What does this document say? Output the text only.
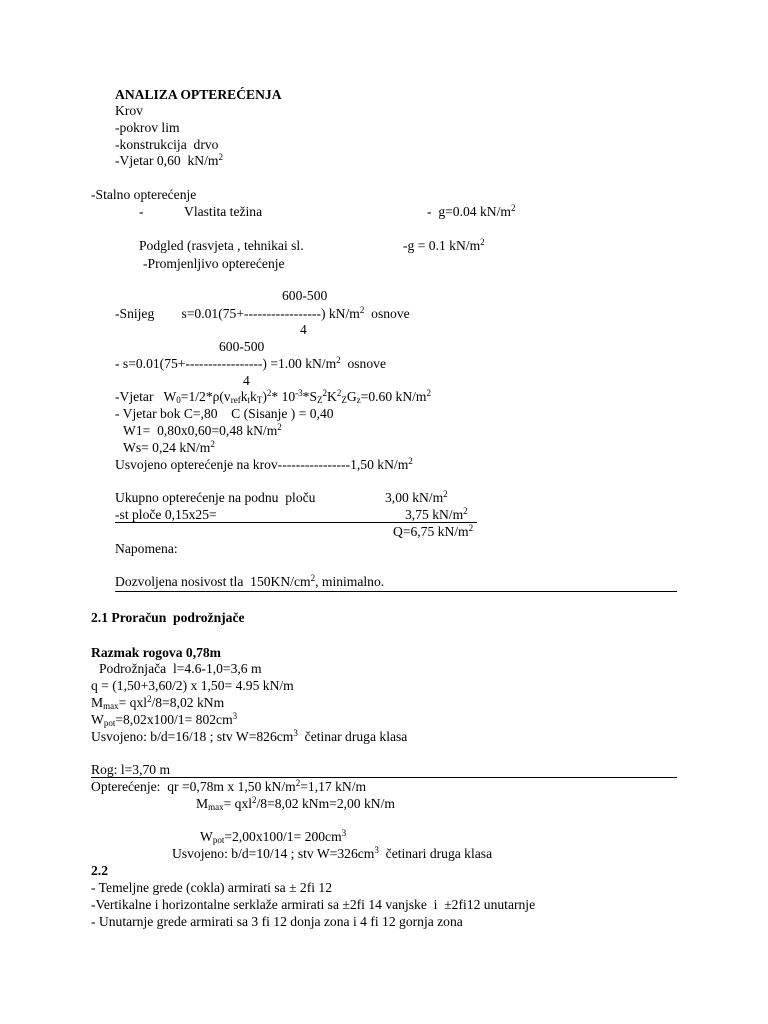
ANALIZA OPTEREĆENJA
Krov
-pokrov lim
-konstrukcija  drvo
-Vjetar 0,60  $kN/m^2$
-Stalno opterećenje
-	Vlastita težina	-  g=0.04 $kN/m^2$
Podgled (rasvjeta , tehnikai sl.	-g = 0.1 $kN/m^2$
-Promjenljivo opterećenje
600-500
-Snijeg        s=0.01(75+-----------------) $kN/m^2$  osnove
4
600-500
- s=0.01(75+-----------------) =1.00 $kN/m^2$  osnove
4
-Vjetar   $W_0=1/2*\rho(v_{ref}k_tk_T)^2*$ $10^{-3}*S_Z^2K^2_ZG_z=0.60$ $kN/m^2$
- Vjetar bok C=,80    C (Sisanje ) = 0,40
W1=  0,80x0,60=0,48 $kN/m^2$
Ws= 0,24 $kN/m^2$
Usvojeno opterećenje na krov----------------1,50 $kN/m^2$
Ukupno opterećenje na podnu  ploču	3,00 $kN/m^2$
-st ploče 0,15x25=	3,75 $kN/m^2$
Q=6,75 $kN/m^2$
Napomena:
Dozvoljena nosivost tla  $150KN/cm^2$, minimalno.
2.1 Proračun  podrožnjače
Razmak rogova 0,78m
Podrožnjača  l=4.6-1,0=3,6 m
q = (1,50+3,60/2) x 1,50= 4.95 kN/m
$M_{max}= qxl^2/8=8,02$ kNm
$W_{pot}=8,02x100/1= 802cm^3$
Usvojeno: b/d=16/18 ; stv $W=826cm^3$  četinar druga klasa
Rog: l=3,70 m
Opterećenje:  qr =0,78m x 1,50 $kN/m^2=1,17$ kN/m
$M_{max}= qxl^2/8=8,02$ kNm=2,00 kN/m
$W_{pot}=2,00x100/1= 200cm^3$
Usvojeno: b/d=10/14 ; stv $W=326cm^3$  četinari druga klasa
2.2
- Temeljne grede (cokla) armirati sa ± 2fi 12
-Vertikalne i horizontalne serklaže armirati sa ±2fi 14 vanjske  i  ±2fi12 unutarnje
- Unutarnje grede armirati sa 3 fi 12 donja zona i 4 fi 12 gornja zona
